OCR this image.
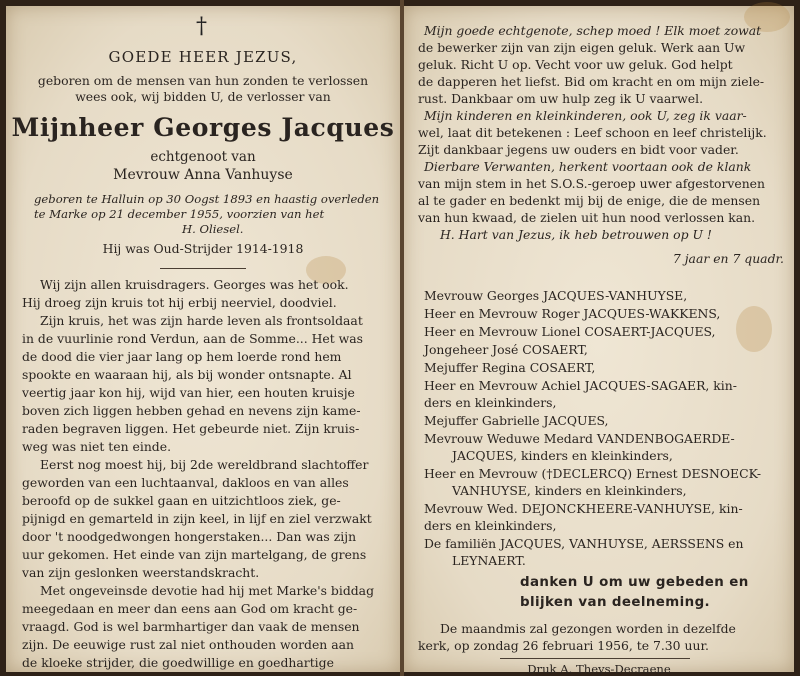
†
GOEDE HEER JEZUS,
geboren om de mensen van hun zonden te verlossen
wees ook, wij bidden U, de verlosser van
Mijnheer Georges Jacques
echtgenoot van
Mevrouw Anna Vanhuyse
geboren te Halluin op 30 Oogst 1893 en haastig overleden
te Marke op 21 december 1955, voorzien van het
H. Oliesel.
Hij was Oud-Strijder 1914-1918
Wij zijn allen kruisdragers. Georges was het ook.
Hij droeg zijn kruis tot hij erbij neerviel, doodviel.
Zijn kruis, het was zijn harde leven als frontsoldaat
in de vuurlinie rond Verdun, aan de Somme... Het was
de dood die vier jaar lang op hem loerde rond hem
spookte en waaraan hij, als bij wonder ontsnapte. Al
veertig jaar kon hij, wijd van hier, een houten kruisje
boven zich liggen hebben gehad en nevens zijn kame-
raden begraven liggen. Het gebeurde niet. Zijn kruis-
weg was niet ten einde.
Eerst nog moest hij, bij 2de wereldbrand slachtoffer
geworden van een luchtaanval, dakloos en van alles
beroofd op de sukkel gaan en uitzichtloos ziek, ge-
pijnigd en gemarteld in zijn keel, in lijf en ziel verzwakt
door 't noodgedwongen hongerstaken... Dan was zijn
uur gekomen. Het einde van zijn martelgang, de grens
van zijn geslonken weerstandskracht.
Met ongeveinsde devotie had hij met Marke's biddag
meegedaan en meer dan eens aan God om kracht ge-
vraagd. God is wel barmhartiger dan vaak de mensen
zijn. De eeuwige rust zal niet onthouden worden aan
de kloeke strijder, die goedwillige en goedhartige
Mijn goede echtgenote, schep moed ! Elk moet zowat
de bewerker zijn van zijn eigen geluk. Werk aan Uw
geluk. Richt U op. Vecht voor uw geluk. God helpt
de dapperen het liefst. Bid om kracht en om mijn ziele-
rust. Dankbaar om uw hulp zeg ik U vaarwel.
Mijn kinderen en kleinkinderen, ook U, zeg ik vaar-
wel, laat dit betekenen : Leef schoon en leef christelijk.
Zijt dankbaar jegens uw ouders en bidt voor vader.
Dierbare Verwanten, herkent voortaan ook de klank
van mijn stem in het S.O.S.-geroep uwer afgestorvenen
al te gader en bedenkt mij bij de enige, die de mensen
van hun kwaad, de zielen uit hun nood verlossen kan.
H. Hart van Jezus, ik heb betrouwen op U !
7 jaar en 7 quadr.
Mevrouw Georges JACQUES-VANHUYSE,
Heer en Mevrouw Roger JACQUES-WAKKENS,
Heer en Mevrouw Lionel COSAERT-JACQUES,
Jongeheer José COSAERT,
Mejuffer Regina COSAERT,
Heer en Mevrouw Achiel JACQUES-SAGAER, kin-
ders en kleinkinders,
Mejuffer Gabrielle JACQUES,
Mevrouw Weduwe Medard VANDENBOGAERDE-
JACQUES, kinders en kleinkinders,
Heer en Mevrouw (†DECLERCQ) Ernest DESNOECK-
VANHUYSE, kinders en kleinkinders,
Mevrouw Wed. DEJONCKHEERE-VANHUYSE, kin-
ders en kleinkinders,
De familiën JACQUES, VANHUYSE, AERSSENS en
LEYNAERT.
danken U om uw gebeden en
blijken van deelneming.
De maandmis zal gezongen worden in dezelfde
kerk, op zondag 26 februari 1956, te 7.30 uur.
Druk A. Theys-Decraene
